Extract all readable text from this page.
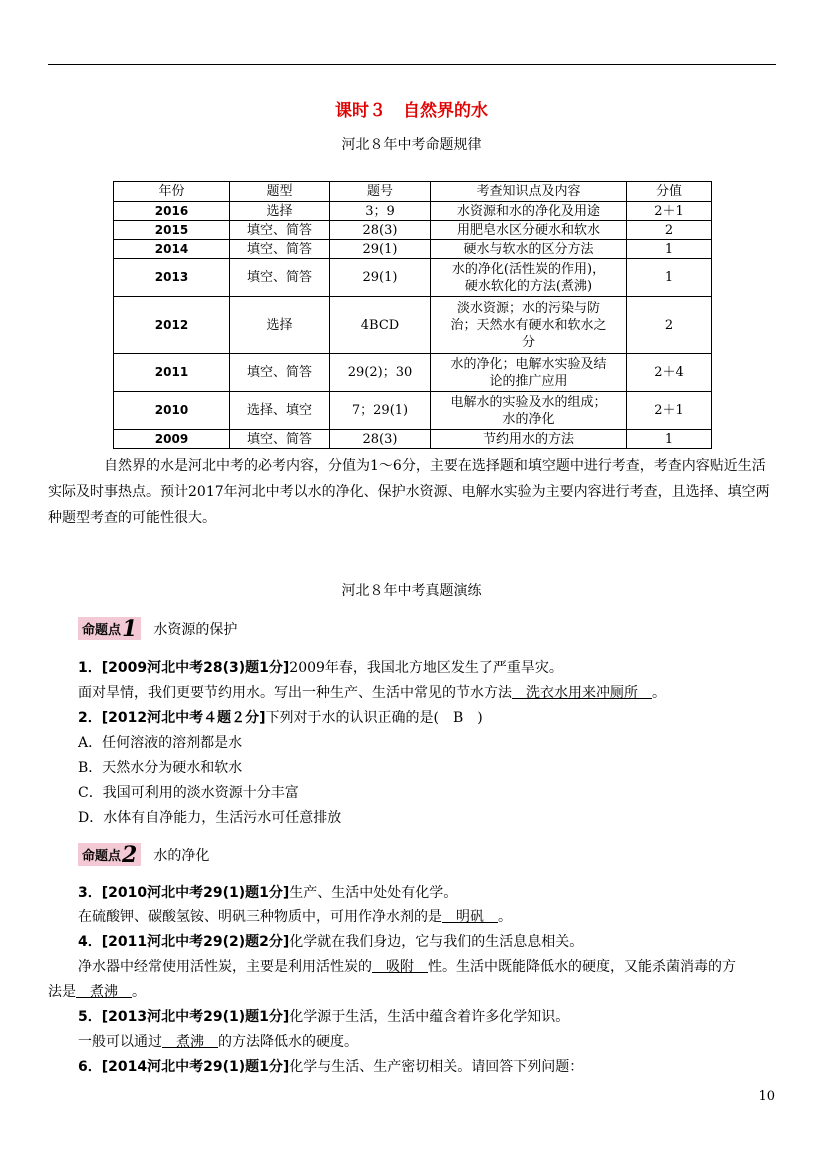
课时３　自然界的水
河北８年中考命题规律
年份	题型	题号	考查知识点及内容	分值
2016	选择	3；9	水资源和水的净化及用途	2＋1
2015	填空、简答	28(3)	用肥皂水区分硬水和软水	2
2014	填空、简答	29(1)	硬水与软水的区分方法	1
2013	填空、简答	29(1)	水的净化(活性炭的作用)，
硬水软化的方法(煮沸)	1
2012	选择	4BCD	淡水资源；水的污染与防
治；天然水有硬水和软水之
分	2
2011	填空、简答	29(2)；30	水的净化；电解水实验及结
论的推广应用	2＋4
2010	选择、填空	7；29(1)	电解水的实验及水的组成；
水的净化	2＋1
2009	填空、简答	28(3)	节约用水的方法	1
自然界的水是河北中考的必考内容，分值为1～6分，主要在选择题和填空题中进行考查，考查内容贴近生活实际及时事热点。预计2017年河北中考以水的净化、保护水资源、电解水实验为主要内容进行考查，且选择、填空两种题型考查的可能性很大。
河北８年中考真题演练
命题点 1 水资源的保护
1．[2009河北中考28(3)题1分]2009年春，我国北方地区发生了严重旱灾。
面对旱情，我们更要节约用水。写出一种生产、生活中常见的节水方法　洗衣水用来冲厕所　。
2．[2012河北中考４题２分]下列对于水的认识正确的是(　B　)
A．任何溶液的溶剂都是水
B．天然水分为硬水和软水
C．我国可利用的淡水资源十分丰富
D．水体有自净能力，生活污水可任意排放
命题点 2 水的净化
3．[2010河北中考29(1)题1分]生产、生活中处处有化学。
在硫酸钾、碳酸氢铵、明矾三种物质中，可用作净水剂的是　明矾　。
4．[2011河北中考29(2)题2分]化学就在我们身边，它与我们的生活息息相关。
净水器中经常使用活性炭，主要是利用活性炭的　吸附　性。生活中既能降低水的硬度，又能杀菌消毒的方
法是　煮沸　。
5．[2013河北中考29(1)题1分]化学源于生活，生活中蕴含着许多化学知识。
一般可以通过　煮沸　的方法降低水的硬度。
6．[2014河北中考29(1)题1分]化学与生活、生产密切相关。请回答下列问题：
10
